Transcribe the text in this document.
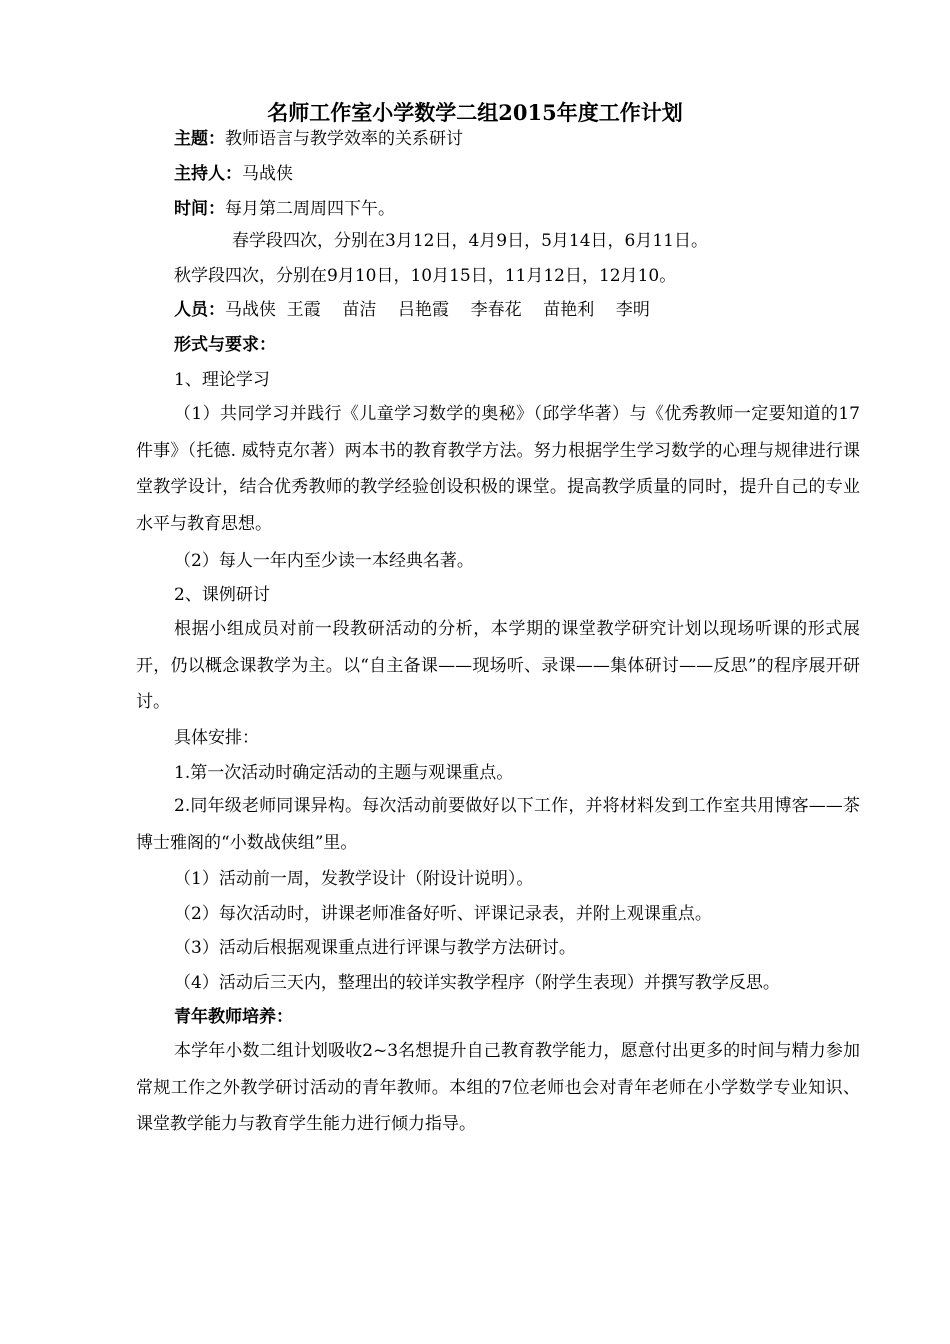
名师工作室小学数学二组2015年度工作计划
主题：教师语言与教学效率的关系研讨
主持人：马战侠
时间：每月第二周周四下午。
春学段四次，分别在3月12日，4月9日，5月14日，6月11日。
秋学段四次，分别在9月10日，10月15日，11月12日，12月10。
人员：马战侠  王霞    苗洁    吕艳霞    李春花    苗艳利    李明
形式与要求：
1、理论学习
（1）共同学习并践行《儿童学习数学的奥秘》（邱学华著）与《优秀教师一定要知道的17件事》（托德. 威特克尔著）两本书的教育教学方法。努力根据学生学习数学的心理与规律进行课堂教学设计，结合优秀教师的教学经验创设积极的课堂。提高教学质量的同时，提升自己的专业水平与教育思想。
（2）每人一年内至少读一本经典名著。
2、课例研讨
根据小组成员对前一段教研活动的分析，本学期的课堂教学研究计划以现场听课的形式展开，仍以概念课教学为主。以“自主备课——现场听、录课——集体研讨——反思”的程序展开研讨。
具体安排：
1.第一次活动时确定活动的主题与观课重点。
2.同年级老师同课异构。每次活动前要做好以下工作，并将材料发到工作室共用博客——茶博士雅阁的“小数战侠组”里。
（1）活动前一周，发教学设计（附设计说明）。
（2）每次活动时，讲课老师准备好听、评课记录表，并附上观课重点。
（3）活动后根据观课重点进行评课与教学方法研讨。
（4）活动后三天内，整理出的较详实教学程序（附学生表现）并撰写教学反思。
青年教师培养：
本学年小数二组计划吸收2~3名想提升自己教育教学能力，愿意付出更多的时间与精力参加常规工作之外教学研讨活动的青年教师。本组的7位老师也会对青年老师在小学数学专业知识、课堂教学能力与教育学生能力进行倾力指导。
